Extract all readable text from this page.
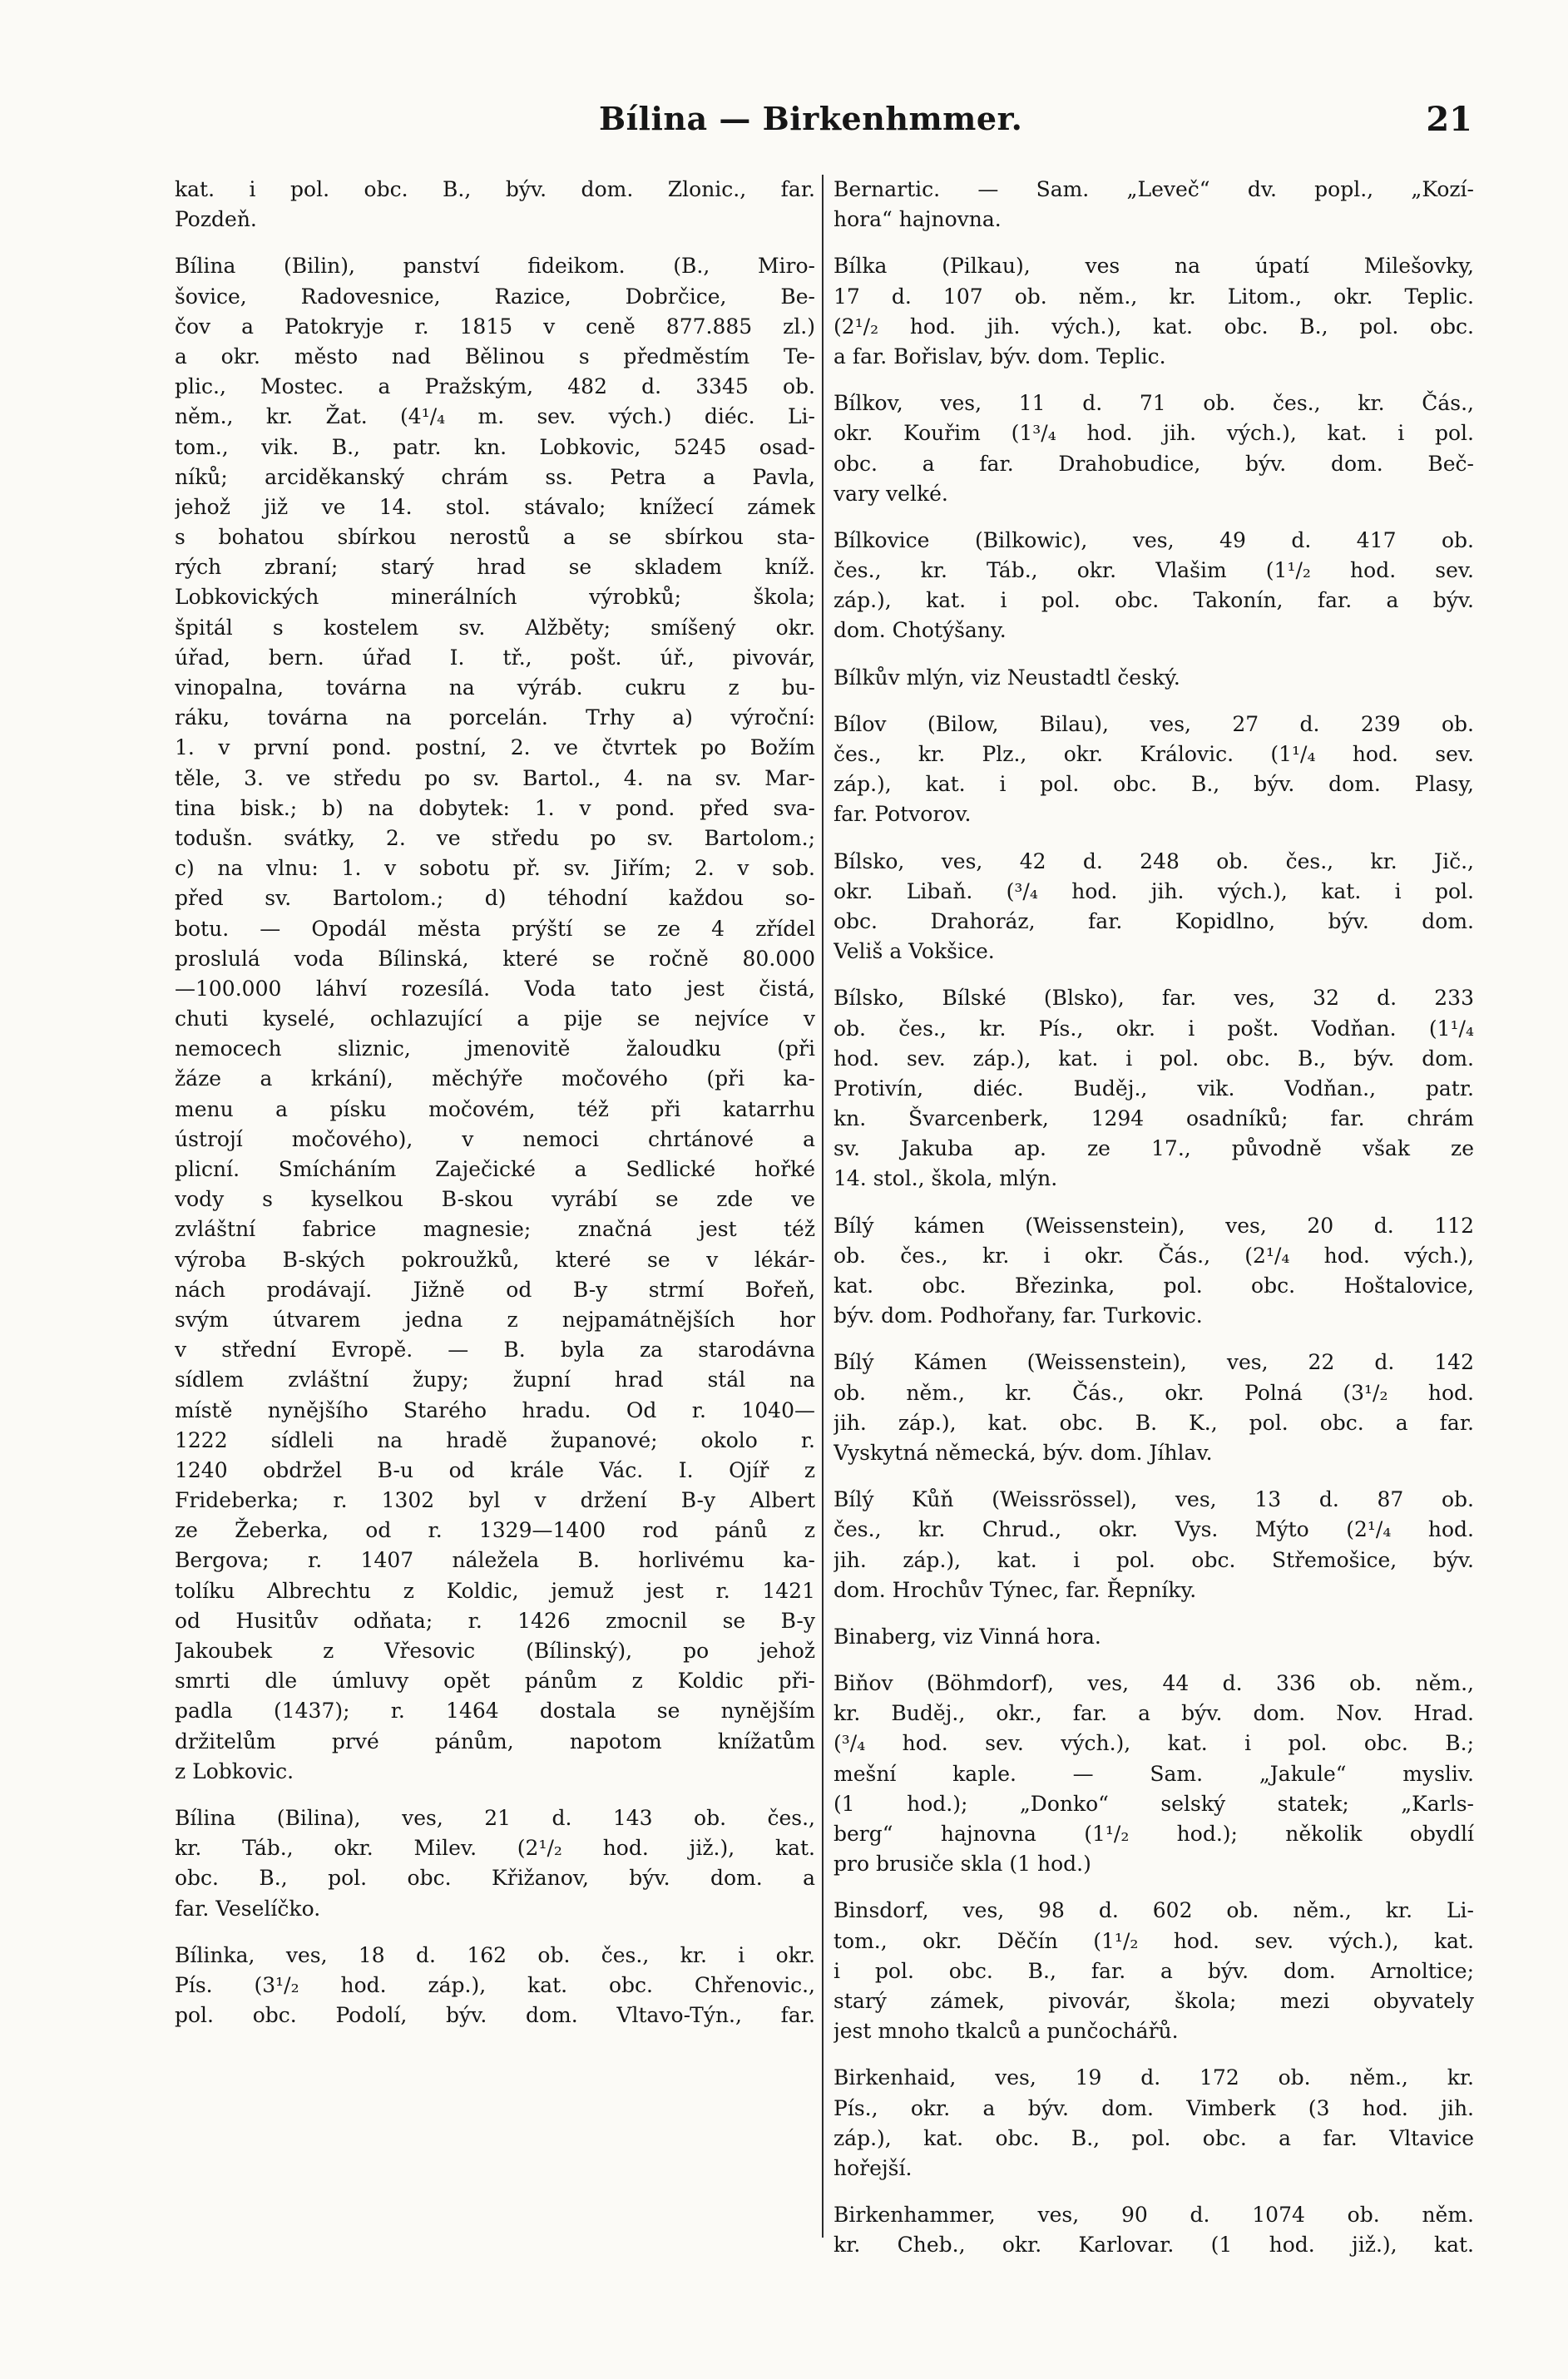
Bílina — Birkenhmmer.	21
kat. i pol. obc. B., býv. dom. Zlonic., far.
Pozdeň.
Bílina (Bilin), panství fideikom. (B., Miro-
šovice, Radovesnice, Razice, Dobrčice, Be-
čov a Patokryje r. 1815 v ceně 877.885 zl.)
a okr. město nad Bělinou s předměstím Te-
plic., Mostec. a Pražským, 482 d. 3345 ob.
něm., kr. Žat. (4¹/₄ m. sev. vých.) diéc. Li-
tom., vik. B., patr. kn. Lobkovic, 5245 osad-
níků; arciděkanský chrám ss. Petra a Pavla,
jehož již ve 14. stol. stávalo; knížecí zámek
s bohatou sbírkou nerostů a se sbírkou sta-
rých zbraní; starý hrad se skladem kníž.
Lobkovických minerálních výrobků; škola;
špitál s kostelem sv. Alžběty; smíšený okr.
úřad, bern. úřad I. tř., pošt. úř., pivovár,
vinopalna, továrna na výráb. cukru z bu-
ráku, továrna na porcelán. Trhy a) výroční:
1. v první pond. postní, 2. ve čtvrtek po Božím
těle, 3. ve středu po sv. Bartol., 4. na sv. Mar-
tina bisk.; b) na dobytek: 1. v pond. před sva-
todušn. svátky, 2. ve středu po sv. Bartolom.;
c) na vlnu: 1. v sobotu př. sv. Jiřím; 2. v sob.
před sv. Bartolom.; d) téhodní každou so-
botu. — Opodál města prýští se ze 4 zřídel
proslulá voda Bílinská, které se ročně 80.000
—100.000 láhví rozesílá. Voda tato jest čistá,
chuti kyselé, ochlazující a pije se nejvíce v
nemocech sliznic, jmenovitě žaloudku (při
žáze a krkání), měchýře močového (při ka-
menu a písku močovém, též při katarrhu
ústrojí močového), v nemoci chrtánové a
plicní. Smícháním Zaječické a Sedlické hořké
vody s kyselkou B-skou vyrábí se zde ve
zvláštní fabrice magnesie; značná jest též
výroba B-ských pokroužků, které se v lékár-
nách prodávají. Jižně od B-y strmí Bořeň,
svým útvarem jedna z nejpamátnějších hor
v střední Evropě. — B. byla za starodávna
sídlem zvláštní župy; župní hrad stál na
místě nynějšího Starého hradu. Od r. 1040—
1222 sídleli na hradě županové; okolo r.
1240 obdržel B-u od krále Vác. I. Ojíř z
Frideberka; r. 1302 byl v držení B-y Albert
ze Žeberka, od r. 1329—1400 rod pánů z
Bergova; r. 1407 náležela B. horlivému ka-
tolíku Albrechtu z Koldic, jemuž jest r. 1421
od Husitův odňata; r. 1426 zmocnil se B-y
Jakoubek z Vřesovic (Bílinský), po jehož
smrti dle úmluvy opět pánům z Koldic při-
padla (1437); r. 1464 dostala se nynějším
držitelům prvé pánům, napotom knížatům
z Lobkovic.
Bílina (Bilina), ves, 21 d. 143 ob. čes.,
kr. Táb., okr. Milev. (2¹/₂ hod. již.), kat.
obc. B., pol. obc. Křižanov, býv. dom. a
far. Veselíčko.
Bílinka, ves, 18 d. 162 ob. čes., kr. i okr.
Pís. (3¹/₂ hod. záp.), kat. obc. Chřenovic.,
pol. obc. Podolí, býv. dom. Vltavo-Týn., far.
Bernartic. — Sam. „Leveč“ dv. popl., „Kozí-
hora“ hajnovna.
Bílka (Pilkau), ves na úpatí Milešovky,
17 d. 107 ob. něm., kr. Litom., okr. Teplic.
(2¹/₂ hod. jih. vých.), kat. obc. B., pol. obc.
a far. Bořislav, býv. dom. Teplic.
Bílkov, ves, 11 d. 71 ob. čes., kr. Čás.,
okr. Kouřim (1³/₄ hod. jih. vých.), kat. i pol.
obc. a far. Drahobudice, býv. dom. Beč-
vary velké.
Bílkovice (Bilkowic), ves, 49 d. 417 ob.
čes., kr. Táb., okr. Vlašim (1¹/₂ hod. sev.
záp.), kat. i pol. obc. Takonín, far. a býv.
dom. Chotýšany.
Bílkův mlýn, viz Neustadtl český.
Bílov (Bilow, Bilau), ves, 27 d. 239 ob.
čes., kr. Plz., okr. Královic. (1¹/₄ hod. sev.
záp.), kat. i pol. obc. B., býv. dom. Plasy,
far. Potvorov.
Bílsko, ves, 42 d. 248 ob. čes., kr. Jič.,
okr. Libaň. (³/₄ hod. jih. vých.), kat. i pol.
obc. Drahoráz, far. Kopidlno, býv. dom.
Veliš a Vokšice.
Bílsko, Bílské (Blsko), far. ves, 32 d. 233
ob. čes., kr. Pís., okr. i pošt. Vodňan. (1¹/₄
hod. sev. záp.), kat. i pol. obc. B., býv. dom.
Protivín, diéc. Buděj., vik. Vodňan., patr.
kn. Švarcenberk, 1294 osadníků; far. chrám
sv. Jakuba ap. ze 17., původně však ze
14. stol., škola, mlýn.
Bílý kámen (Weissenstein), ves, 20 d. 112
ob. čes., kr. i okr. Čás., (2¹/₄ hod. vých.),
kat. obc. Březinka, pol. obc. Hoštalovice,
býv. dom. Podhořany, far. Turkovic.
Bílý Kámen (Weissenstein), ves, 22 d. 142
ob. něm., kr. Čás., okr. Polná (3¹/₂ hod.
jih. záp.), kat. obc. B. K., pol. obc. a far.
Vyskytná německá, býv. dom. Jíhlav.
Bílý Kůň (Weissrössel), ves, 13 d. 87 ob.
čes., kr. Chrud., okr. Vys. Mýto (2¹/₄ hod.
jih. záp.), kat. i pol. obc. Střemošice, býv.
dom. Hrochův Týnec, far. Řepníky.
Binaberg, viz Vinná hora.
Biňov (Böhmdorf), ves, 44 d. 336 ob. něm.,
kr. Buděj., okr., far. a býv. dom. Nov. Hrad.
(³/₄ hod. sev. vých.), kat. i pol. obc. B.;
mešní kaple. — Sam. „Jakule“ mysliv.
(1 hod.); „Donko“ selský statek; „Karls-
berg“ hajnovna (1¹/₂ hod.); několik obydlí
pro brusiče skla (1 hod.)
Binsdorf, ves, 98 d. 602 ob. něm., kr. Li-
tom., okr. Děčín (1¹/₂ hod. sev. vých.), kat.
i pol. obc. B., far. a býv. dom. Arnoltice;
starý zámek, pivovár, škola; mezi obyvately
jest mnoho tkalců a punčochářů.
Birkenhaid, ves, 19 d. 172 ob. něm., kr.
Pís., okr. a býv. dom. Vimberk (3 hod. jih.
záp.), kat. obc. B., pol. obc. a far. Vltavice
hořejší.
Birkenhammer, ves, 90 d. 1074 ob. něm.
kr. Cheb., okr. Karlovar. (1 hod. již.), kat.
